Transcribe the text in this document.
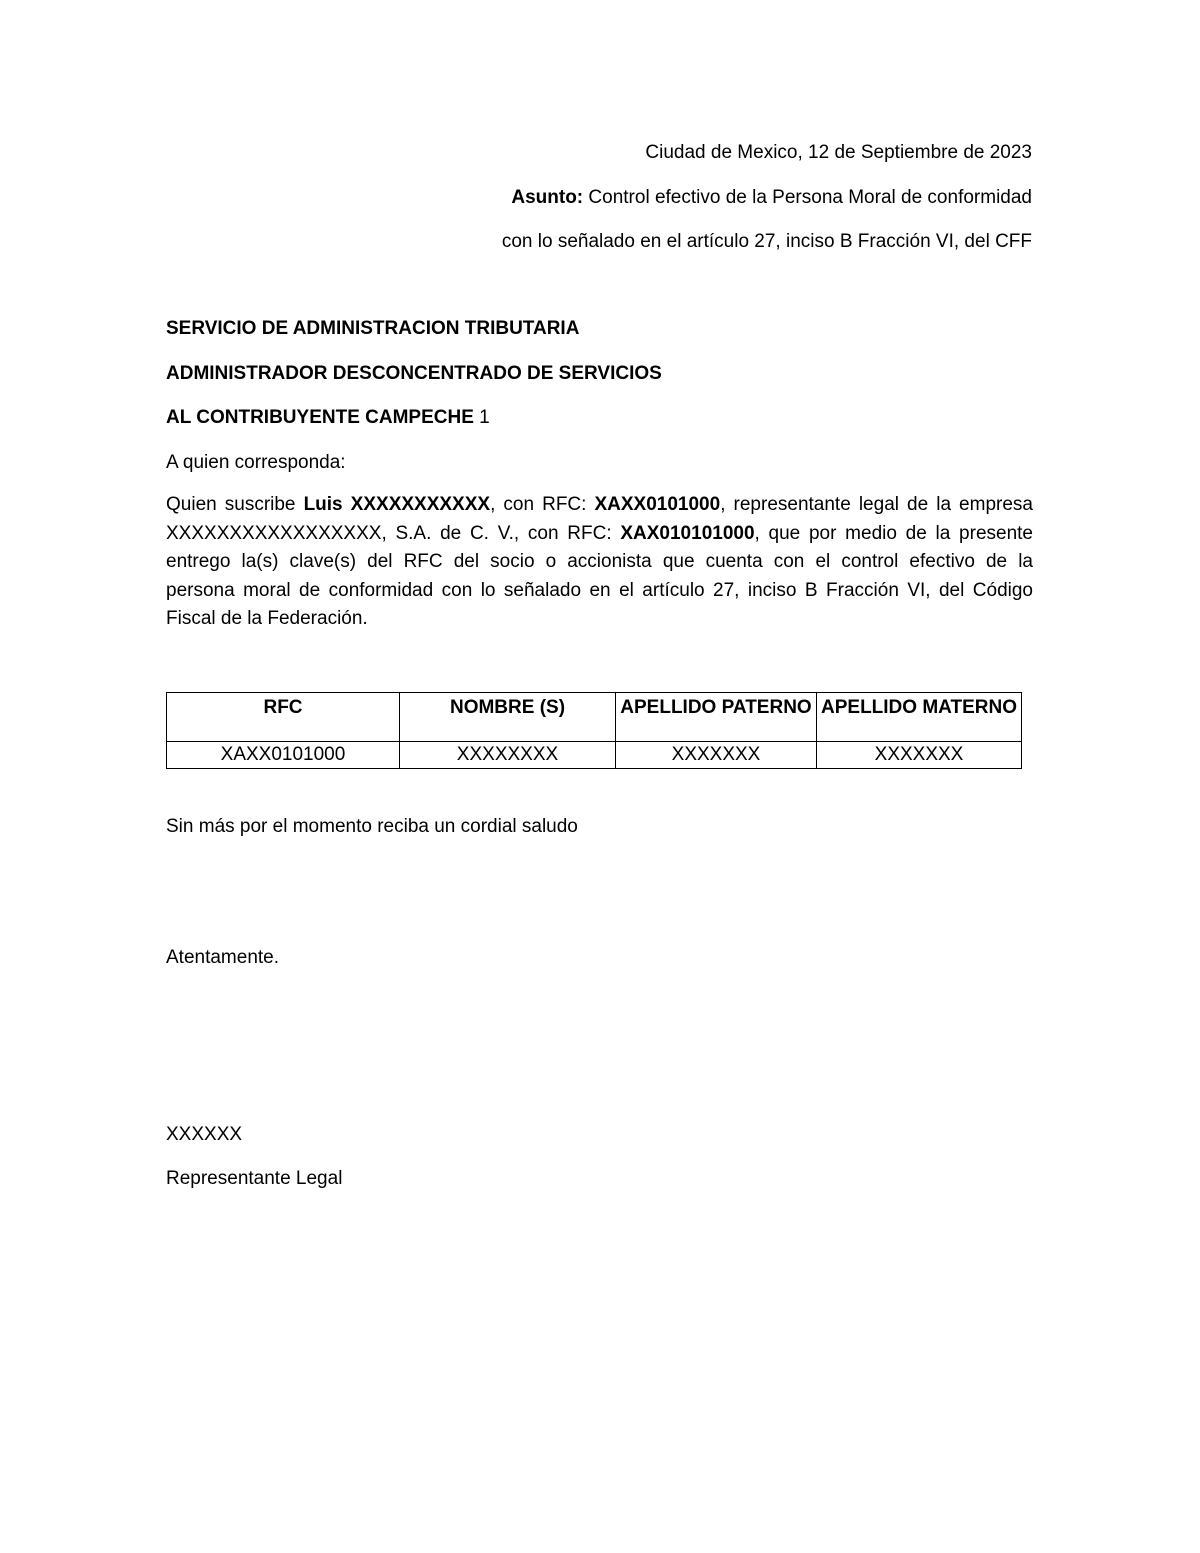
Ciudad de Mexico, 12 de Septiembre de 2023
Asunto: Control efectivo de la Persona Moral de conformidad
con lo señalado en el artículo 27, inciso B Fracción VI, del CFF
SERVICIO DE ADMINISTRACION TRIBUTARIA
ADMINISTRADOR DESCONCENTRADO DE SERVICIOS
AL CONTRIBUYENTE CAMPECHE 1
A quien corresponda:
Quien suscribe Luis XXXXXXXXXXX, con RFC: XAXX0101000, representante legal de la empresa
XXXXXXXXXXXXXXXXX, S.A. de C. V., con RFC: XAX010101000, que por medio de la presente
entrego la(s) clave(s) del RFC del socio o accionista que cuenta con el control efectivo de la
persona moral de conformidad con lo señalado en el artículo 27, inciso B Fracción VI, del Código
Fiscal de la Federación.
RFC	NOMBRE (S)	APELLIDO PATERNO	APELLIDO MATERNO
XAXX0101000	XXXXXXXX	XXXXXXX	XXXXXXX
Sin más por el momento reciba un cordial saludo
Atentamente.
XXXXXX
Representante Legal
